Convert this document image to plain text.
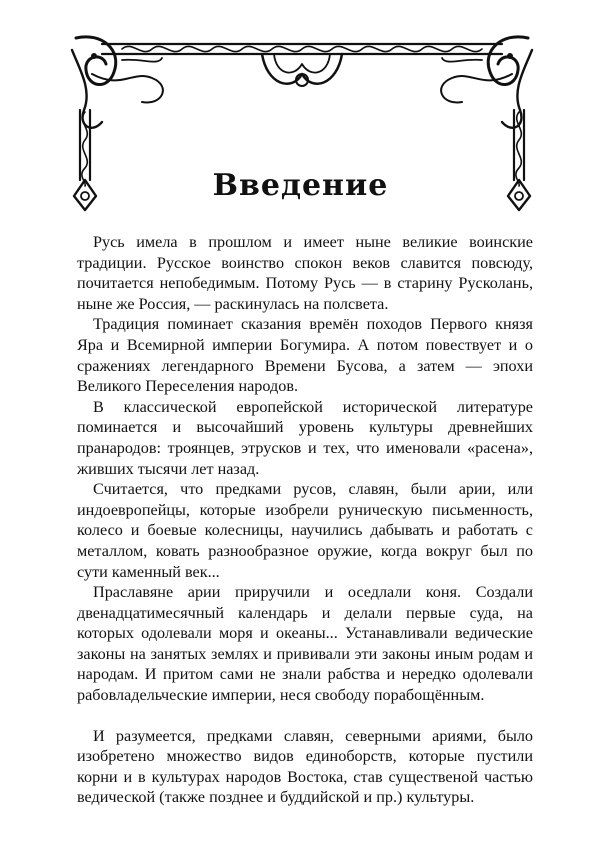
Введение

Русь имела в прошлом и имеет ныне великие воинские традиции. Русское воинство спокон веков славится повсюду, почитается непобедимым. Потому Русь — в старину Русколань, ныне же Россия, — раскинулась на полсвета.

Традиция поминает сказания времён походов Первого князя Яра и Всемирной империи Богумира. А потом повествует и о сражениях легендарного Времени Бусова, а затем — эпохи Великого Переселения народов.

В классической европейской исторической литературе поминается и высочайший уровень культуры древнейших пранародов: троянцев, этрусков и тех, что именовали «расена», живших тысячи лет назад.

Считается, что предками русов, славян, были арии, или индоевропейцы, которые изобрели руническую письменность, колесо и боевые колесницы, научились дабывать и работать с металлом, ковать разнообразное оружие, когда вокруг был по сути каменный век...

Праславяне арии приручили и оседлали коня. Создали двенадцатимесячный календарь и делали первые суда, на которых одолевали моря и океаны... Устанавливали ведические законы на занятых землях и прививали эти законы иным родам и народам. И притом сами не знали рабства и нередко одолевали рабовладельческие империи, неся свободу порабощённым.

И разумеется, предками славян, северными ариями, было изобретено множество видов единоборств, которые пустили корни и в культурах народов Востока, став существеной частью ведической (также позднее и буддийской и пр.) культуры.
